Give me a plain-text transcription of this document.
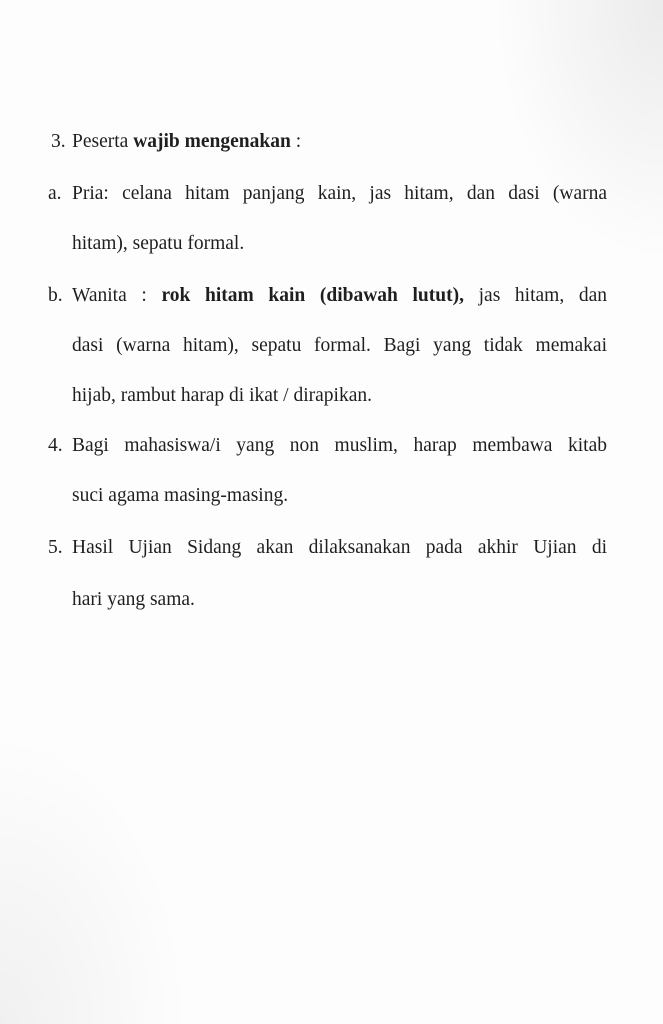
3. Peserta wajib mengenakan :
a. Pria: celana hitam panjang kain, jas hitam, dan dasi (warna
hitam), sepatu formal.
b. Wanita : rok hitam kain (dibawah lutut), jas hitam, dan
dasi (warna hitam), sepatu formal. Bagi yang tidak memakai
hijab, rambut harap di ikat / dirapikan.
4. Bagi mahasiswa/i yang non muslim, harap membawa kitab
suci agama masing-masing.
5. Hasil Ujian Sidang akan dilaksanakan pada akhir Ujian di
hari yang sama.
